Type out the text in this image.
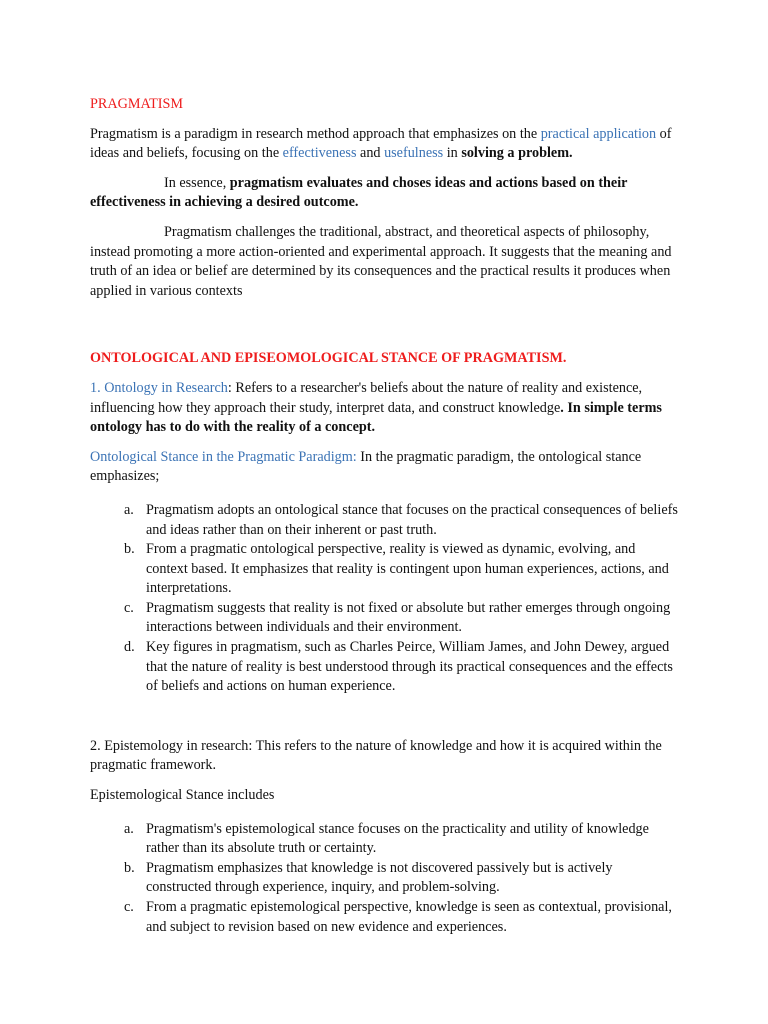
PRAGMATISM

Pragmatism is a paradigm in research method approach that emphasizes on the practical application of ideas and beliefs, focusing on the effectiveness and usefulness in solving a problem.

In essence, pragmatism evaluates and choses ideas and actions based on their effectiveness in achieving a desired outcome.

Pragmatism challenges the traditional, abstract, and theoretical aspects of philosophy, instead promoting a more action-oriented and experimental approach. It suggests that the meaning and truth of an idea or belief are determined by its consequences and the practical results it produces when applied in various contexts

ONTOLOGICAL AND EPISEOMOLOGICAL STANCE OF PRAGMATISM.

1. Ontology in Research: Refers to a researcher's beliefs about the nature of reality and existence, influencing how they approach their study, interpret data, and construct knowledge. In simple terms ontology has to do with the reality of a concept.

Ontological Stance in the Pragmatic Paradigm: In the pragmatic paradigm, the ontological stance emphasizes;

a. Pragmatism adopts an ontological stance that focuses on the practical consequences of beliefs and ideas rather than on their inherent or past truth.
b. From a pragmatic ontological perspective, reality is viewed as dynamic, evolving, and context based. It emphasizes that reality is contingent upon human experiences, actions, and interpretations.
c. Pragmatism suggests that reality is not fixed or absolute but rather emerges through ongoing interactions between individuals and their environment.
d. Key figures in pragmatism, such as Charles Peirce, William James, and John Dewey, argued that the nature of reality is best understood through its practical consequences and the effects of beliefs and actions on human experience.

2. Epistemology in research: This refers to the nature of knowledge and how it is acquired within the pragmatic framework.

Epistemological Stance includes

a. Pragmatism's epistemological stance focuses on the practicality and utility of knowledge rather than its absolute truth or certainty.
b. Pragmatism emphasizes that knowledge is not discovered passively but is actively constructed through experience, inquiry, and problem-solving.
c. From a pragmatic epistemological perspective, knowledge is seen as contextual, provisional, and subject to revision based on new evidence and experiences.
